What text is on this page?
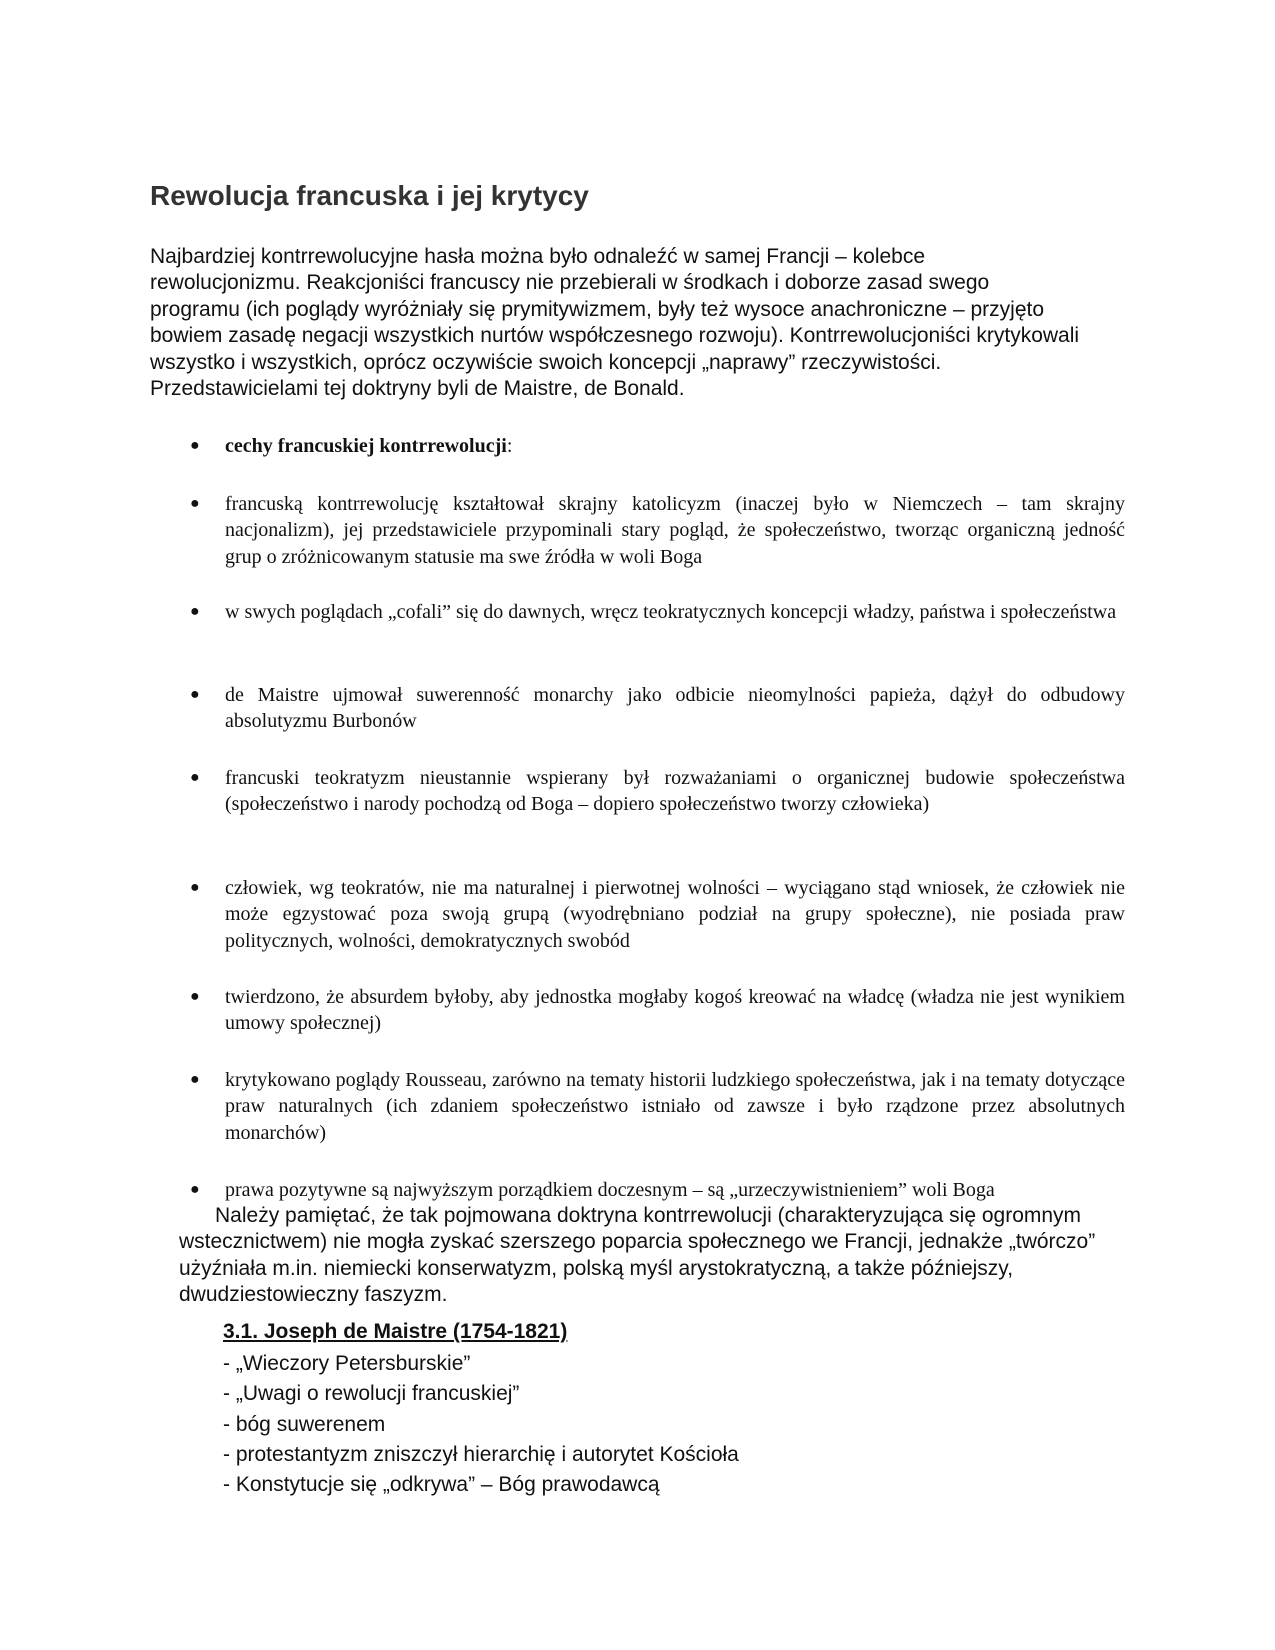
Rewolucja francuska i jej krytycy
Najbardziej kontrrewolucyjne hasła można było odnaleźć w samej Francji – kolebce rewolucjonizmu. Reakcjoniści francuscy nie przebierali w środkach i doborze zasad swego programu (ich poglądy wyróżniały się prymitywizmem, były też wysoce anachroniczne – przyjęto bowiem zasadę negacji wszystkich nurtów współczesnego rozwoju). Kontrrewolucjoniści krytykowali wszystko i wszystkich, oprócz oczywiście swoich koncepcji „naprawy” rzeczywistości. Przedstawicielami tej doktryny byli de Maistre, de Bonald.
● cechy francuskiej kontrrewolucji:
● francuską kontrrewolucję kształtował skrajny katolicyzm (inaczej było w Niemczech – tam skrajny nacjonalizm), jej przedstawiciele przypominali stary pogląd, że społeczeństwo, tworząc organiczną jedność grup o zróżnicowanym statusie ma swe źródła w woli Boga
● w swych poglądach „cofali” się do dawnych, wręcz teokratycznych koncepcji władzy, państwa i społeczeństwa
● de Maistre ujmował suwerenność monarchy jako odbicie nieomylności papieża, dążył do odbudowy absolutyzmu Burbonów
● francuski teokratyzm nieustannie wspierany był rozważaniami o organicznej budowie społeczeństwa (społeczeństwo i narody pochodzą od Boga – dopiero społeczeństwo tworzy człowieka)
● człowiek, wg teokratów, nie ma naturalnej i pierwotnej wolności – wyciągano stąd wniosek, że człowiek nie może egzystować poza swoją grupą (wyodrębniano podział na grupy społeczne), nie posiada praw politycznych, wolności, demokratycznych swobód
● twierdzono, że absurdem byłoby, aby jednostka mogłaby kogoś kreować na władcę (władza nie jest wynikiem umowy społecznej)
● krytykowano poglądy Rousseau, zarówno na tematy historii ludzkiego społeczeństwa, jak i na tematy dotyczące praw naturalnych (ich zdaniem społeczeństwo istniało od zawsze i było rządzone przez absolutnych monarchów)
● prawa pozytywne są najwyższym porządkiem doczesnym – są „urzeczywistnieniem” woli Boga
Należy pamiętać, że tak pojmowana doktryna kontrrewolucji (charakteryzująca się ogromnym wstecznictwem) nie mogła zyskać szerszego poparcia społecznego we Francji, jednakże „twórczo” użyźniała m.in. niemiecki konserwatyzm, polską myśl arystokratyczną, a także późniejszy, dwudziestowieczny faszyzm.
3.1. Joseph de Maistre (1754-1821)
- „Wieczory Petersburskie”
- „Uwagi o rewolucji francuskiej”
- bóg suwerenem
- protestantyzm zniszczył hierarchię i autorytet Kościoła
- Konstytucje się „odkrywa” – Bóg prawodawcą
